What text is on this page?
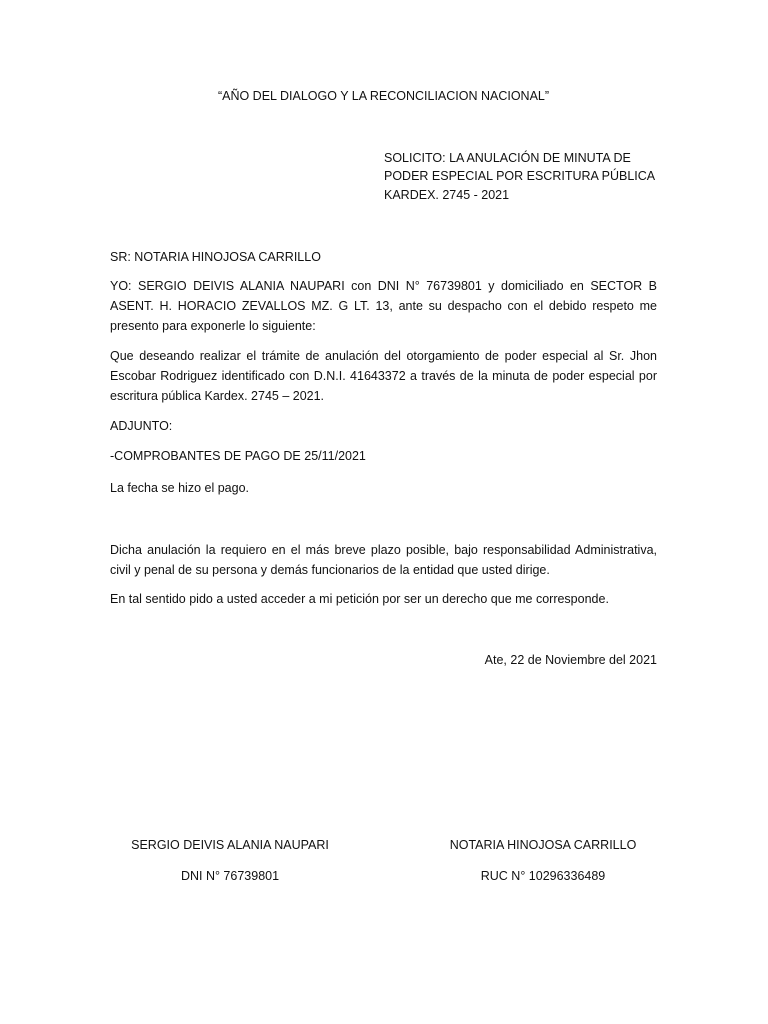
“AÑO DEL DIALOGO Y LA RECONCILIACION NACIONAL”
SOLICITO: LA ANULACIÓN DE MINUTA DE
PODER ESPECIAL POR ESCRITURA PÚBLICA
KARDEX. 2745 - 2021
SR: NOTARIA HINOJOSA CARRILLO
YO: SERGIO DEIVIS ALANIA NAUPARI con DNI N° 76739801 y domiciliado en SECTOR B ASENT. H. HORACIO ZEVALLOS MZ. G LT. 13, ante su despacho con el debido respeto me presento para exponerle lo siguiente:
Que deseando realizar el trámite de anulación del otorgamiento de poder especial al Sr. Jhon Escobar Rodriguez identificado con D.N.I. 41643372 a través de la minuta de poder especial por escritura pública Kardex. 2745 – 2021.
ADJUNTO:
-COMPROBANTES DE PAGO DE 25/11/2021
La fecha se hizo el pago.
Dicha anulación la requiero en el más breve plazo posible, bajo responsabilidad Administrativa, civil y penal de su persona y demás funcionarios de la entidad que usted dirige.
En tal sentido pido a usted acceder a mi petición por ser un derecho que me corresponde.
Ate, 22 de Noviembre del 2021
SERGIO DEIVIS ALANIA NAUPARI
DNI N° 76739801
NOTARIA HINOJOSA CARRILLO
RUC N° 10296336489
